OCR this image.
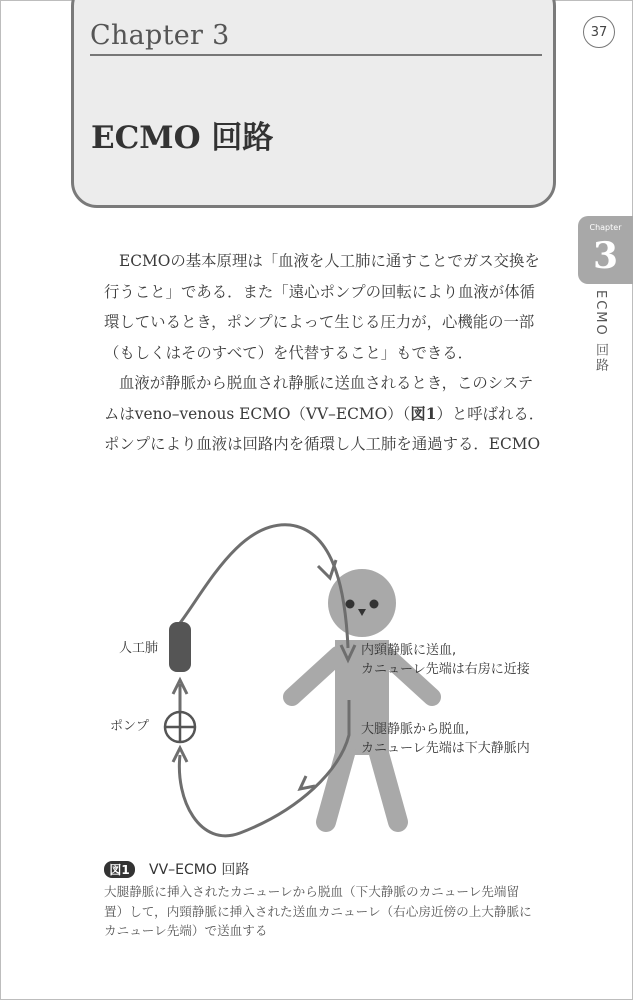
Chapter 3
ECMO 回路
37
Chapter
3
ECMO 回路
ECMOの基本原理は「血液を人工肺に通すことでガス交換を
行うこと」である．また「遠心ポンプの回転により血液が体循
環しているとき，ポンプによって生じる圧力が，心機能の一部
（もしくはそのすべて）を代替すること」もできる．
血液が静脈から脱血され静脈に送血されるとき，このシステ
ムはveno–venous ECMO（VV–ECMO）（図1）と呼ばれる．
ポンプにより血液は回路内を循環し人工肺を通過する．ECMO
人工肺
ポンプ
内頸静脈に送血,
カニューレ先端は右房に近接
大腿静脈から脱血,
カニューレ先端は下大静脈内
図1	VV–ECMO 回路
大腿静脈に挿入されたカニューレから脱血（下大静脈のカニューレ先端留
置）して，内頸静脈に挿入された送血カニューレ（右心房近傍の上大静脈に
カニューレ先端）で送血する
